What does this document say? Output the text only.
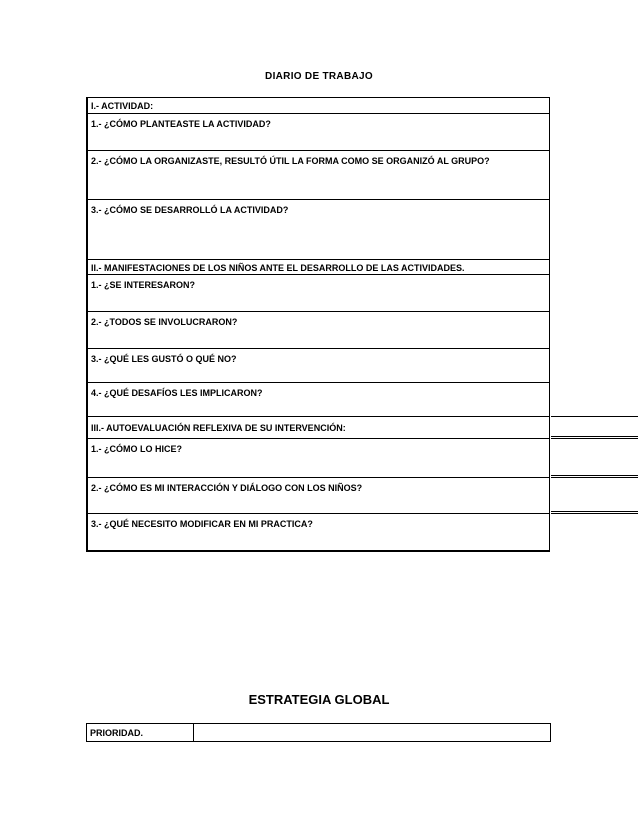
DIARIO DE TRABAJO
I.- ACTIVIDAD:
1.- ¿CÓMO PLANTEASTE LA ACTIVIDAD?
2.- ¿CÓMO LA ORGANIZASTE, RESULTÓ ÚTIL LA FORMA COMO SE ORGANIZÓ AL GRUPO?
3.- ¿CÓMO SE DESARROLLÓ LA ACTIVIDAD?
II.- MANIFESTACIONES DE LOS NIÑOS ANTE EL DESARROLLO DE LAS ACTIVIDADES.
1.- ¿SE INTERESARON?
2.- ¿TODOS SE INVOLUCRARON?
3.- ¿QUÉ LES GUSTÓ O QUÉ NO?
4.- ¿QUÉ DESAFÍOS LES IMPLICARON?
III.- AUTOEVALUACIÓN REFLEXIVA DE SU INTERVENCIÓN:
1.- ¿CÓMO LO HICE?
2.- ¿CÓMO ES MI INTERACCIÓN Y DIÁLOGO CON LOS NIÑOS?
3.- ¿QUÉ NECESITO MODIFICAR EN MI PRACTICA?
ESTRATEGIA GLOBAL
PRIORIDAD.
